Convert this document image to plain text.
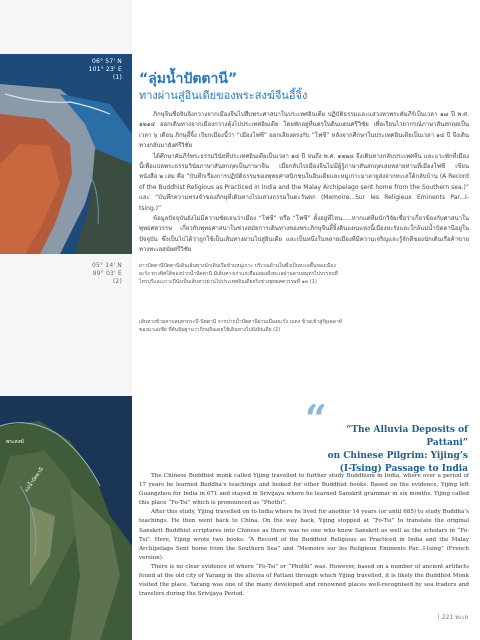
06° 57' N
101° 23' E
(1)
05° 14' N
99° 03' E
(2)
พระสงฆ์
แม่น้ำปัตตานี
“ลุ่มน้ำปัตตานี”
ทางผ่านสู่อินเดียของพระสงฆ์จีนอี้จิ้ง

ภิกษุจีนชื่อจินจิงกวางจากเมืองจีนไปสืบพระศาสนาในประเทศอินเดีย ปฏิบัติธรรมและแสวงหาพระคัมภีร์เป็นเวลา ๑๗ ปี พ.ศ. ๑๒๑๔ ออกเดินทางจากเมืองกวางตุ้งไปประเทศอินเดีย โดยพักอยู่ที่นครในดินแดนศรีวิชัย เพื่อเรียนไวยากรณ์ภาษาสันสกฤตเป็นเวลา ๖ เดือน ภิกษุอี้จิ้ง เรียกเมืองนี้ว่า “เมืองโฟซี” ออกเสียงตรงกับ “โฟซี” หลังจากศึกษาในประเทศอินเดียเป็นเวลา ๑๔ ปี จึงเดินทางกลับมายังศรีวิชัย

ได้ศึกษาคัมภีร์พระธรรมวินัยที่ประเทศอินเดียเป็นเวลา ๑๔ ปี จนถึง พ.ศ. ๑๒๒๘ จึงเดินทางกลับประเทศจีน และแวะพักที่เมืองนี้เพื่อแปลพระธรรมวินัยภาษาสันสกฤตเป็นภาษาจีน เมื่อกลับไปเมืองจีนไม่มีผู้รู้ภาษาสันสกฤตเลยหลายท่านที่เมืองโฟซี เขียนหนังสือ ๒ เล่ม คือ “บันทึกเรื่องการปฏิบัติธรรมของพุทธศาสนิกชนในอินเดียและหมู่เกาะมาลายูส่งจากทะเลใต้กลับบ้าน (A Record of the Buddhist Religious as Practiced in India and the Malay Archipelago sent home from the Southern sea.)” และ “บันทึกความทรงจำของภิกษุที่เดินทางไปแสวงธรรมในตะวันตก (Memoire...Sur les Religieux Eminents Par...I-tsing.)”

ข้อมูลปัจจุบันยังไม่มีความชัดเจนว่าเมือง “โฟซี” หรือ “โฟซี” ตั้งอยู่ที่ไหน.....หากแต่ทีมนักวิจัยเชื่อว่าเกี่ยวข้องกับศาสนาในพุทธศตวรรษ เกี่ยวกับพุทธศาสนาในช่วงสมัยการเดินทางของพระภิกษุจีนอี้จิ้งดินแดนแห่งนี้เมืองยะรังและใกล้แม่น้ำปัตตานีอยู่ในปัจจุบัน ซึ่งเป็นไปได้ว่าถูกใช้เป็นเส้นทางผ่านไปสู่อินเดีย และเป็นหนึ่งในหลายเมืองที่มีความเจริญและรู้จักดีของนักเดินเรือค้าขายทางทะเลสมัยศรีวิชัย

ผ่าวปัตตานีปัตตานีเดินเส้นทางนักเดินเรือข้ามหมู่เกาะ บริเวณด้านในซึ่งเป็นทะเลตื้นของเมืองยะรัง ทางทิศใต้ของปากน้ำปัตตานี มีเส้นทางเก่าแก่เชื่อมสองฝั่งทะเลผ่านคาบสมุทรไปบรรจบที่ไทรบุรีและเกาะปีนังเป็นเส้นทางผ่านไปประเทศอินเดียจริงช่วงพุทธศตวรรษที่ ๑๓ (1)
เส้นทางข้ามคาบสมุทรกระบี่-ปัตตานี จากปากน้ำปัตตานีผ่านเมืองยะรัง เบตง ข้ามเข้าสู่รัฐเคดาห์ของมาเลเซีย ที่สันนิษฐานว่าภิกษุจีนเคยใช้เดินทางไปยังอินเดีย (2)
“	“The Alluvia Deposits of Pattani”
on Chinese Pilgrim: Yijing’s
(I-Tsing) Passage to India

The Chinese Buddhist monk called Yijing travelled to further study Buddhism in India, where over a period of 17 years he learned Buddha’s teachings and looked for other Buddhist books. Based on the evidence, Yijing left Guangzhou for India in 671 and stayed in Srivijaya where he learned Sanskrit grammar in six months. Yijing called this place “Fo-Tsi” which is pronounced as “Phothi”.

After this study, Yijing travelled on to India where he lived for another 14 years (or until 685) to study Buddha’s teachings. He then went back to China. On the way back, Yijing stopped at “Fo-Tsi” to translate the original Sanskrit Buddhist scriptures into Chinese as there was no one who knew Sanskrit as well as the scholars in “Fo-Tsi”. Here, Yijing wrote two books: “A Record of the Buddhist Religious as Practiced in India and the Malay Archipelago Sent home from the Southern Sea” and “Memoire sur les Religieux Eminents Par...I-tsing” (French version).

There is no clear evidence of where “Fo-Tsi” or “Phothi” was. However, based on a number of ancient artifacts found at the old city of Yarang in the alluvia of Pattani through which Yijing travelled, it is likely the Buddhist Monk visited the place. Yarang was one of the many developed and renowned places well-recognised by sea traders and travelers during the Srivijaya Period.

| 221 ทะเล
